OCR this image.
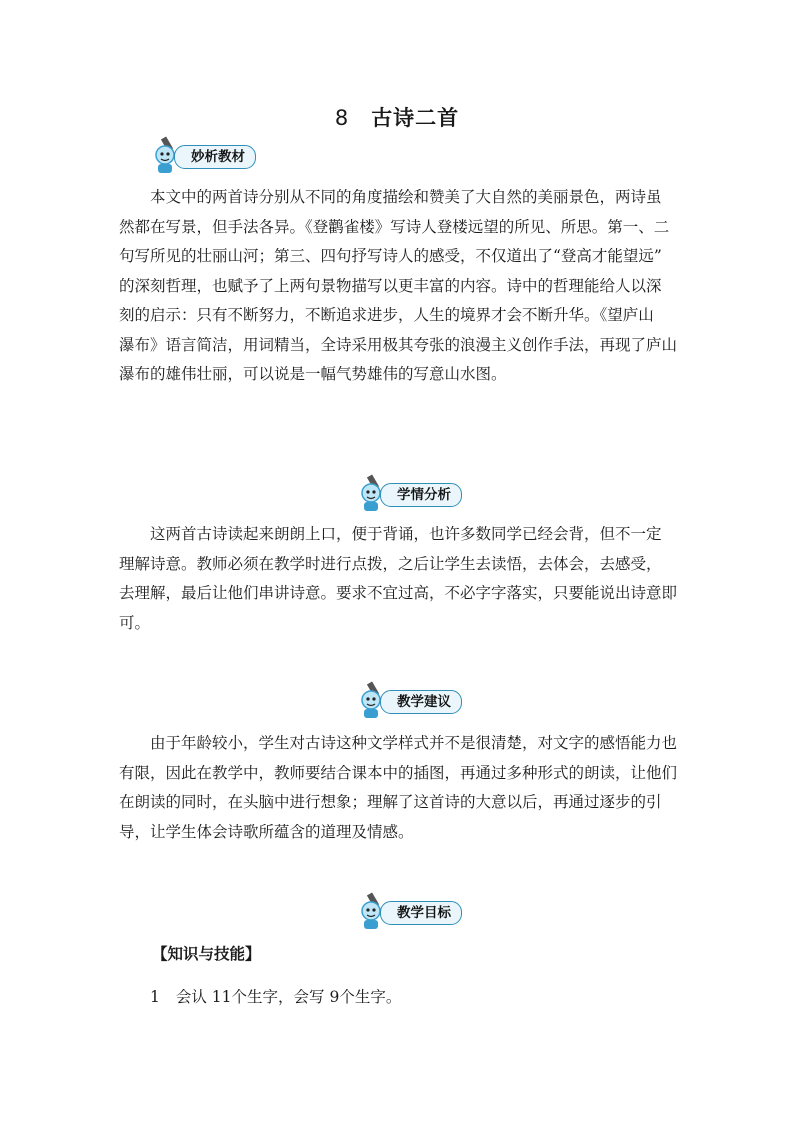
8 古诗二首
妙析教材
本文中的两首诗分别从不同的角度描绘和赞美了大自然的美丽景色，两诗虽
然都在写景，但手法各异。《登鹳雀楼》写诗人登楼远望的所见、所思。第一、二
句写所见的壮丽山河；第三、四句抒写诗人的感受，不仅道出了“登高才能望远”
的深刻哲理，也赋予了上两句景物描写以更丰富的内容。诗中的哲理能给人以深
刻的启示：只有不断努力，不断追求进步，人生的境界才会不断升华。《望庐山
瀑布》语言简洁，用词精当，全诗采用极其夸张的浪漫主义创作手法，再现了庐山
瀑布的雄伟壮丽，可以说是一幅气势雄伟的写意山水图。
学情分析
这两首古诗读起来朗朗上口，便于背诵，也许多数同学已经会背，但不一定
理解诗意。教师必须在教学时进行点拨，之后让学生去读悟，去体会，去感受，
去理解，最后让他们串讲诗意。要求不宜过高，不必字字落实，只要能说出诗意即
可。
教学建议
由于年龄较小，学生对古诗这种文学样式并不是很清楚，对文字的感悟能力也
有限，因此在教学中，教师要结合课本中的插图，再通过多种形式的朗读，让他们
在朗读的同时，在头脑中进行想象；理解了这首诗的大意以后，再通过逐步的引
导，让学生体会诗歌所蕴含的道理及情感。
教学目标
【知识与技能】
1 会认 11个生字，会写 9个生字。
